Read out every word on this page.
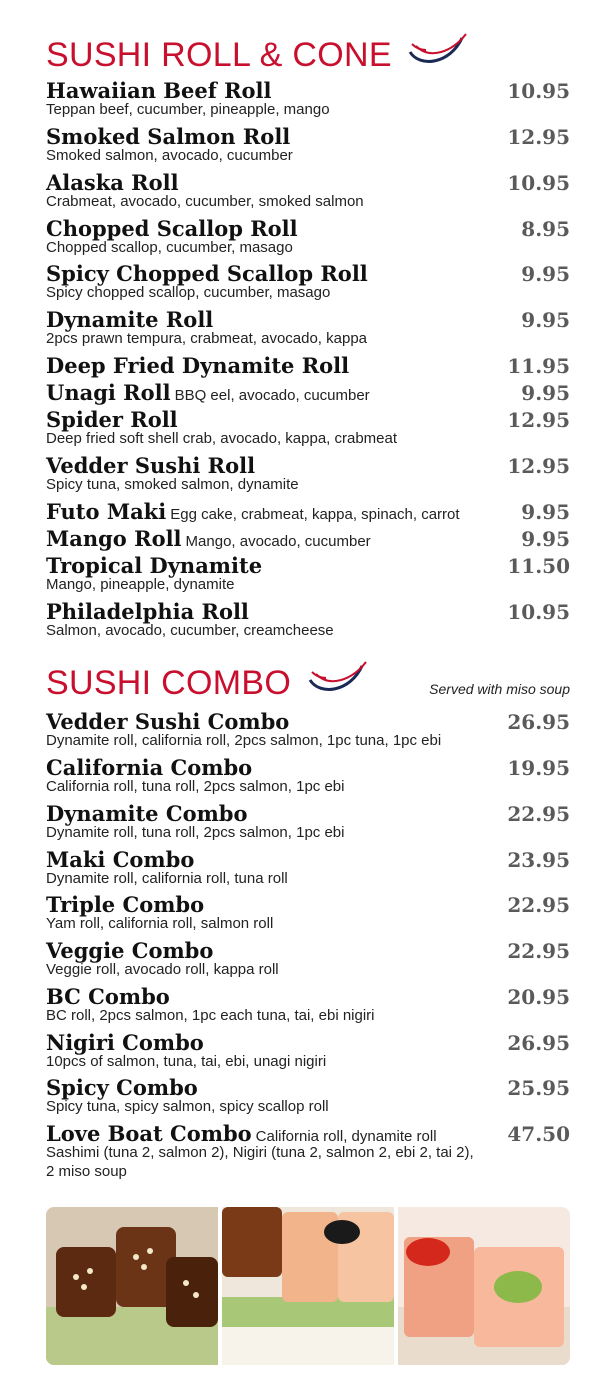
SUSHI ROLL & CONE
Hawaiian Beef Roll	10.95
Teppan beef, cucumber, pineapple, mango
Smoked Salmon Roll	12.95
Smoked salmon, avocado, cucumber
Alaska Roll	10.95
Crabmeat, avocado, cucumber, smoked salmon
Chopped Scallop Roll	8.95
Chopped scallop, cucumber, masago
Spicy Chopped Scallop Roll	9.95
Spicy chopped scallop, cucumber, masago
Dynamite Roll	9.95
2pcs prawn tempura, crabmeat, avocado, kappa
Deep Fried Dynamite Roll	11.95
Unagi Roll BBQ eel, avocado, cucumber	9.95
Spider Roll	12.95
Deep fried soft shell crab, avocado, kappa, crabmeat
Vedder Sushi Roll	12.95
Spicy tuna, smoked salmon, dynamite
Futo Maki Egg cake, crabmeat, kappa, spinach, carrot	9.95
Mango Roll Mango, avocado, cucumber	9.95
Tropical Dynamite	11.50
Mango, pineapple, dynamite
Philadelphia Roll	10.95
Salmon, avocado, cucumber, creamcheese
SUSHI COMBO	Served with miso soup
Vedder Sushi Combo	26.95
Dynamite roll, california roll, 2pcs salmon, 1pc tuna, 1pc ebi
California Combo	19.95
California roll, tuna roll, 2pcs salmon, 1pc ebi
Dynamite Combo	22.95
Dynamite roll, tuna roll, 2pcs salmon, 1pc ebi
Maki Combo	23.95
Dynamite roll, california roll, tuna roll
Triple Combo	22.95
Yam roll, california roll, salmon roll
Veggie Combo	22.95
Veggie roll, avocado roll, kappa roll
BC Combo	20.95
BC roll, 2pcs salmon, 1pc each tuna, tai, ebi nigiri
Nigiri Combo	26.95
10pcs of salmon, tuna, tai, ebi, unagi nigiri
Spicy Combo	25.95
Spicy tuna, spicy salmon, spicy scallop roll
Love Boat Combo California roll, dynamite roll	47.50
Sashimi (tuna 2, salmon 2), Nigiri (tuna 2, salmon 2, ebi 2, tai 2),
2 miso soup
